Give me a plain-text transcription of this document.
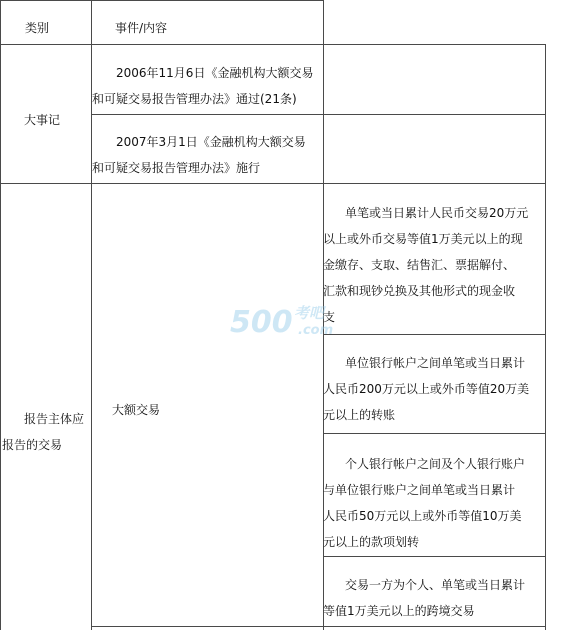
类别	事件/内容
大事记
2006年11月6日《金融机构大额交易
和可疑交易报告管理办法》通过(21条)
2007年3月1日《金融机构大额交易
和可疑交易报告管理办法》施行
报告主体应
报告的交易
大额交易
单笔或当日累计人民币交易20万元
以上或外币交易等值1万美元以上的现
金缴存、支取、结售汇、票据解付、
汇款和现钞兑换及其他形式的现金收
支
单位银行帐户之间单笔或当日累计
人民币200万元以上或外币等值20万美
元以上的转账
个人银行帐户之间及个人银行账户
与单位银行账户之间单笔或当日累计
人民币50万元以上或外币等值10万美
元以上的款项划转
交易一方为个人、单笔或当日累计
等值1万美元以上的跨境交易
500 考吧
.com
